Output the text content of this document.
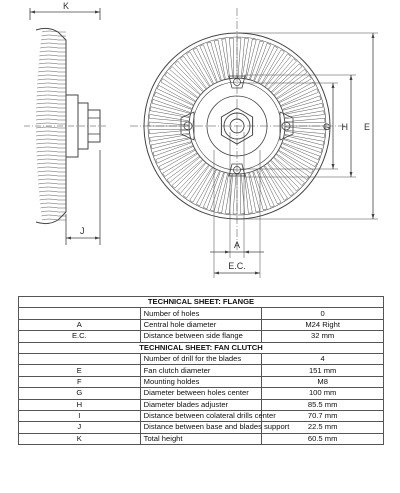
K
J
G H E
A
E.C.
TECHNICAL SHEET: FLANGE		
	Number of holes	0
A	Central hole diameter	M24 Right
E.C.	Distance between side flange	32 mm
TECHNICAL SHEET: FAN CLUTCH		
	Number of drill for the blades	4
E	Fan clutch diameter	151 mm
F	Mounting holdes	M8
G	Diameter between holes center	100 mm
H	Diameter blades adjuster	85.5 mm
I	Distance between colateral drills center	70.7 mm
J	Distance between base and blades support	22.5 mm
K	Total height	60.5 mm
